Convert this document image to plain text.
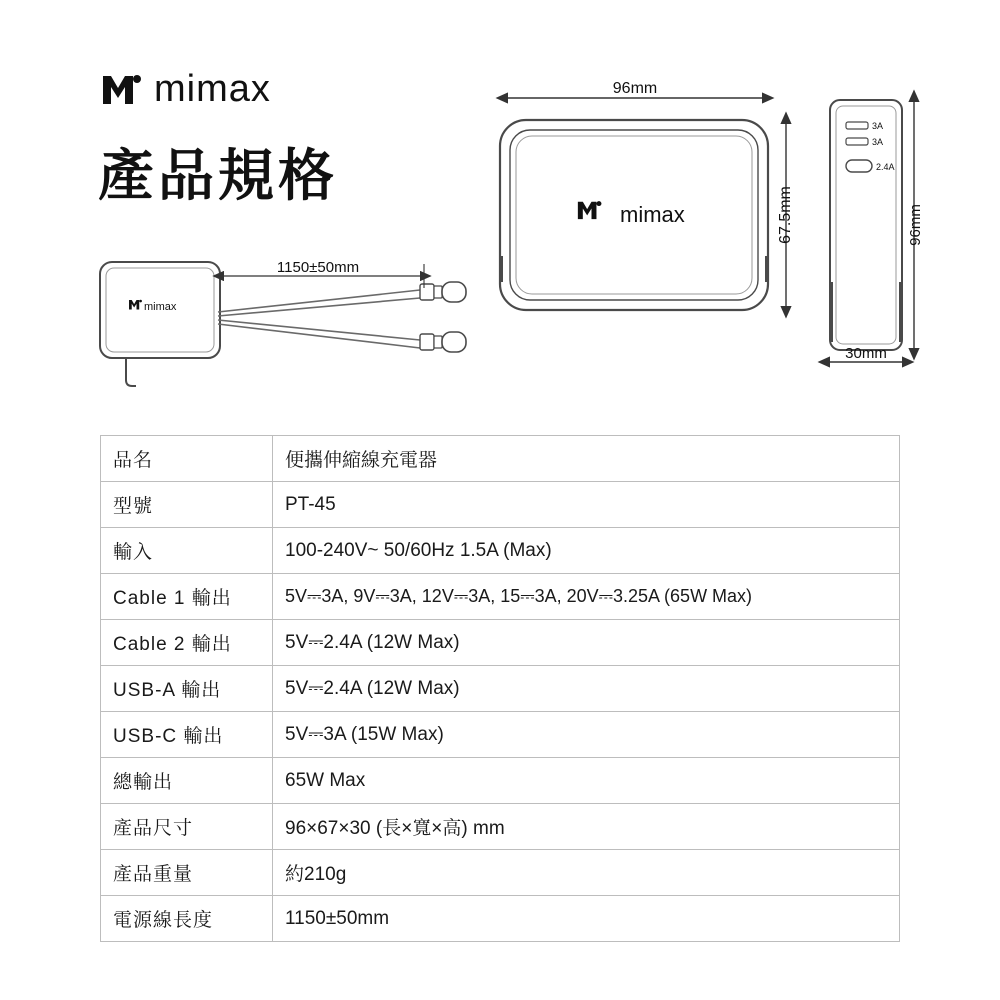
mimax
產品規格
mimax
96mm
67.5mm
3A
3A
2.4A
96mm
30mm
mimax
1150±50mm
品名	便攜伸縮線充電器
型號	PT-45
輸入	100-240V~ 50/60Hz 1.5A (Max)
Cable 1 輸出	5V⎓3A, 9V⎓3A, 12V⎓3A, 15⎓3A, 20V⎓3.25A (65W Max)
Cable 2 輸出	5V⎓2.4A (12W Max)
USB-A 輸出	5V⎓2.4A (12W Max)
USB-C 輸出	5V⎓3A (15W Max)
總輸出	65W Max
產品尺寸	96×67×30 (長×寬×高) mm
產品重量	約210g
電源線長度	1150±50mm
